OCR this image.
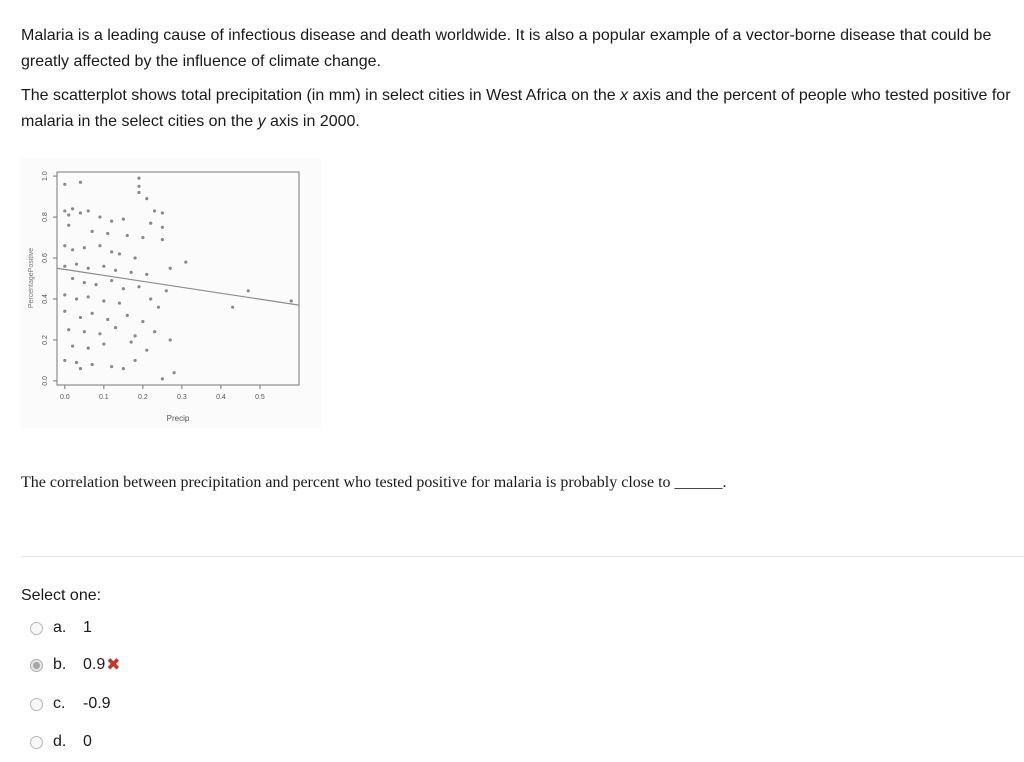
Malaria is a leading cause of infectious disease and death worldwide. It is also a popular example of a vector-borne disease that could be greatly affected by the influence of climate change.

The scatterplot shows total precipitation (in mm) in select cities in West Africa on the x axis and the percent of people who tested positive for malaria in the select cities on the y axis in 2000.

0.0	0.1	0.2	0.3	0.4	0.5
0.0
0.2
0.4
0.6
0.8
1.0
Precip
PercentagePositive
The correlation between precipitation and percent who tested positive for malaria is probably close to ______.
Select one:
a.	1
b.	0.9 ✖
c.	-0.9
d.	0
